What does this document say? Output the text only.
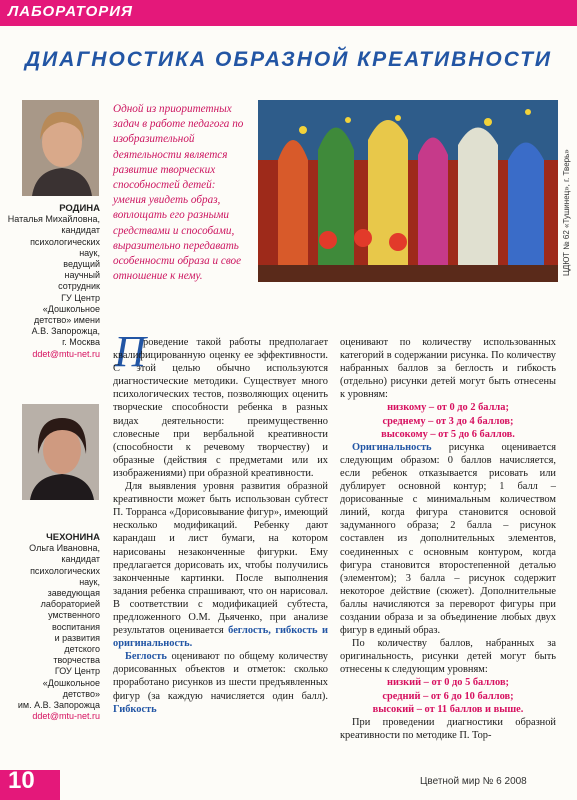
ЛАБОРАТОРИЯ
ДИАГНОСТИКА ОБРАЗНОЙ КРЕАТИВНОСТИ
РОДИНА
Наталья Михайловна,
кандидат
психологических
наук,
ведущий
научный
сотрудник
ГУ Центр
«Дошкольное
детство» имени
А.В. Запорожца,
г. Москва
ddet@mtu-net.ru
ЧЕХОНИНА
Ольга Ивановна,
кандидат
психологических
наук,
заведующая
лабораторией
умственного
воспитания
и развития
детского
творчества
ГОУ Центр
«Дошкольное
детство»
им. А.В. Запорожца
ddet@mtu-net.ru
Одной из приоритетных задач в работе педагога по изобразительной деятельности является развитие творческих способностей детей: умения увидеть образ, воплощать его разными средствами и способами, выразительно передавать особенности образа и свое отношение к нему.
ЦДЮТ № 62 «Тушинец», г. Тверь»
П

роведение такой работы предполагает квалифицированную оценку ее эффективности. С этой целью обычно используются диагностические методики. Существует много психологических тестов, позволяющих оценить творческие способности ребенка в разных видах деятельности: преимущественно словесные при вербальной креативности (способности к речевому творчеству) и образные (действия с предметами или их изображениями) при образной креативности.

Для выявления уровня развития образной креативности может быть использован субтест П. Торранса «Дорисовывание фигур», имеющий несколько модификаций. Ребенку дают карандаш и лист бумаги, на котором нарисованы незаконченные фигурки. Ему предлагается дорисовать их, чтобы получились законченные картинки. После выполнения задания ребенка спрашивают, что он нарисовал. В соответствии с модификацией субтеста, предложенного О.М. Дьяченко, при анализе результатов оценивается беглость, гибкость и оригинальность.

Беглость оценивают по общему количеству дорисованных объектов и отметок: сколько проработано рисунков из шести предъявленных фигур (за каждую начисляется один балл). Гибкость

оценивают по количеству использованных категорий в содержании рисунка. По количеству набранных баллов за беглость и гибкость (отдельно) рисунки детей могут быть отнесены к уровням:

низкому – от 0 до 2 балла;

среднему – от 3 до 4 баллов;

высокому – от 5 до 6 баллов.

Оригинальность рисунка оценивается следующим образом: 0 баллов начисляется, если ребенок отказывается рисовать или дублирует основной контур; 1 балл – дорисованные с минимальным количеством линий, когда фигура становится основой задуманного образа; 2 балла – рисунок составлен из дополнительных элементов, соединенных с основным контуром, когда фигура становится второстепенной деталью (элементом); 3 балла – рисунок содержит некоторое действие (сюжет). Дополнительные баллы начисляются за переворот фигуры при создании образа и за объединение любых двух фигур в единый образ.

По количеству баллов, набранных за оригинальность, рисунки детей могут быть отнесены к следующим уровням:

низкий – от 0 до 5 баллов;

средний – от 6 до 10 баллов;

высокий – от 11 баллов и выше.

При проведении диагностики образной креативности по методике П. Тор-

10	Цветной мир № 6 2008
